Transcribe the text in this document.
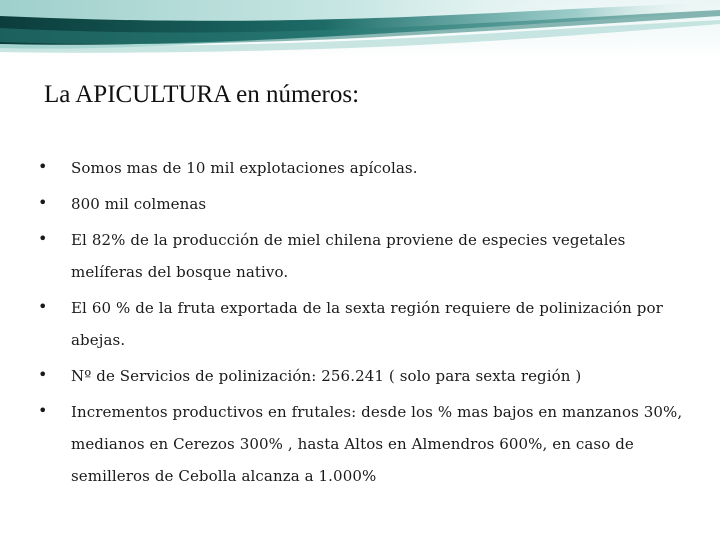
La APICULTURA en números:
• Somos mas de 10 mil explotaciones apícolas.
• 800 mil colmenas
• El 82% de la producción de miel chilena proviene de especies vegetales melíferas del bosque nativo.
• El 60 % de la fruta exportada de la sexta región requiere de polinización por abejas.
• Nº de Servicios de polinización: 256.241 ( solo para sexta región )
• Incrementos productivos en frutales: desde los % mas bajos en manzanos 30%, medianos en Cerezos 300% , hasta Altos en Almendros 600%, en caso de semilleros de Cebolla alcanza a 1.000%
